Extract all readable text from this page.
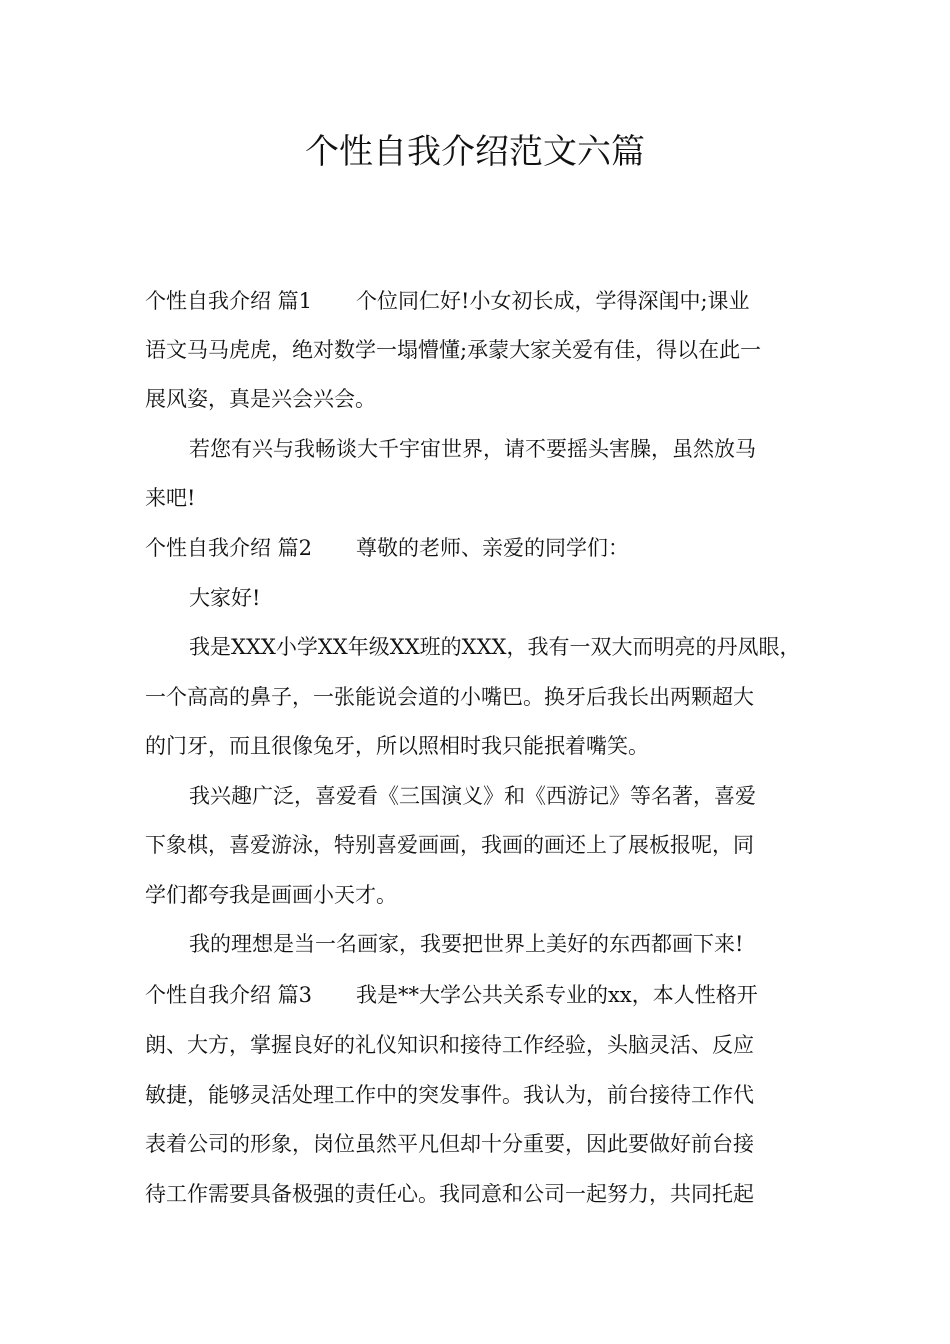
个性自我介绍范文六篇
个性自我介绍 篇1 个位同仁好!小女初长成，学得深闺中;课业
语文马马虎虎，绝对数学一塌懵懂;承蒙大家关爱有佳，得以在此一
展风姿，真是兴会兴会。
若您有兴与我畅谈大千宇宙世界，请不要摇头害臊，虽然放马
来吧!
个性自我介绍 篇2 尊敬的老师、亲爱的同学们：
大家好!
我是XXX小学XX年级XX班的XXX，我有一双大而明亮的丹凤眼，
一个高高的鼻子，一张能说会道的小嘴巴。换牙后我长出两颗超大
的门牙，而且很像兔牙，所以照相时我只能抿着嘴笑。
我兴趣广泛，喜爱看《三国演义》和《西游记》等名著，喜爱
下象棋，喜爱游泳，特别喜爱画画，我画的画还上了展板报呢，同
学们都夸我是画画小天才。
我的理想是当一名画家，我要把世界上美好的东西都画下来!
个性自我介绍 篇3 我是**大学公共关系专业的xx，本人性格开
朗、大方，掌握良好的礼仪知识和接待工作经验，头脑灵活、反应
敏捷，能够灵活处理工作中的突发事件。我认为，前台接待工作代
表着公司的形象，岗位虽然平凡但却十分重要，因此要做好前台接
待工作需要具备极强的责任心。我同意和公司一起努力，共同托起
